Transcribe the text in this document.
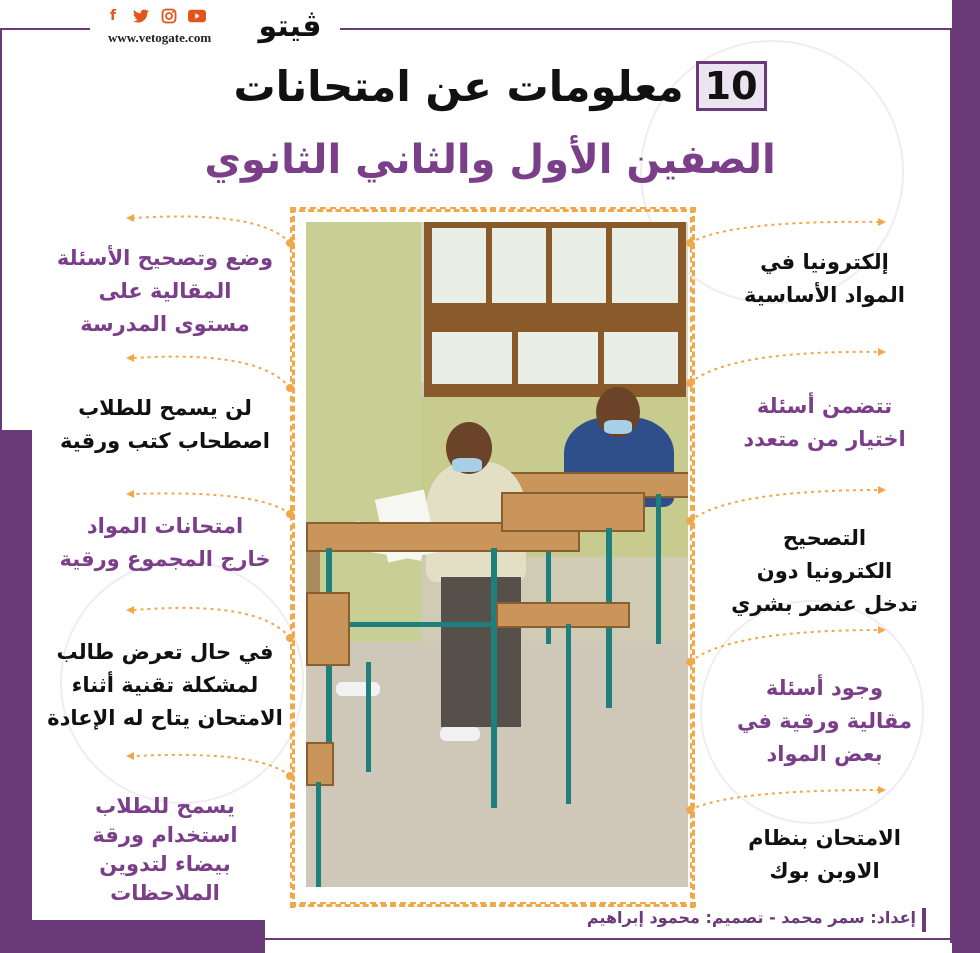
f
www.vetogate.com ڤيتو
10
معلومات عن امتحانات
الصفين الأول والثاني الثانوي
إلكترونيا في
المواد الأساسية
تتضمن أسئلة
اختيار من متعدد
التصحيح
الكترونيا دون
تدخل عنصر بشري
وجود أسئلة
مقالية ورقية في
بعض المواد
الامتحان بنظام
الاوبن بوك
وضع وتصحيح الأسئلة
المقالية على
مستوى المدرسة
لن يسمح للطلاب
اصطحاب كتب ورقية
امتحانات المواد
خارج المجموع ورقية
في حال تعرض طالب
لمشكلة تقنية أثناء
الامتحان يتاح له الإعادة
يسمح للطلاب
استخدام ورقة
بيضاء لتدوين
الملاحظات
إعداد: سمر محمد - تصميم: محمود إبراهيم
